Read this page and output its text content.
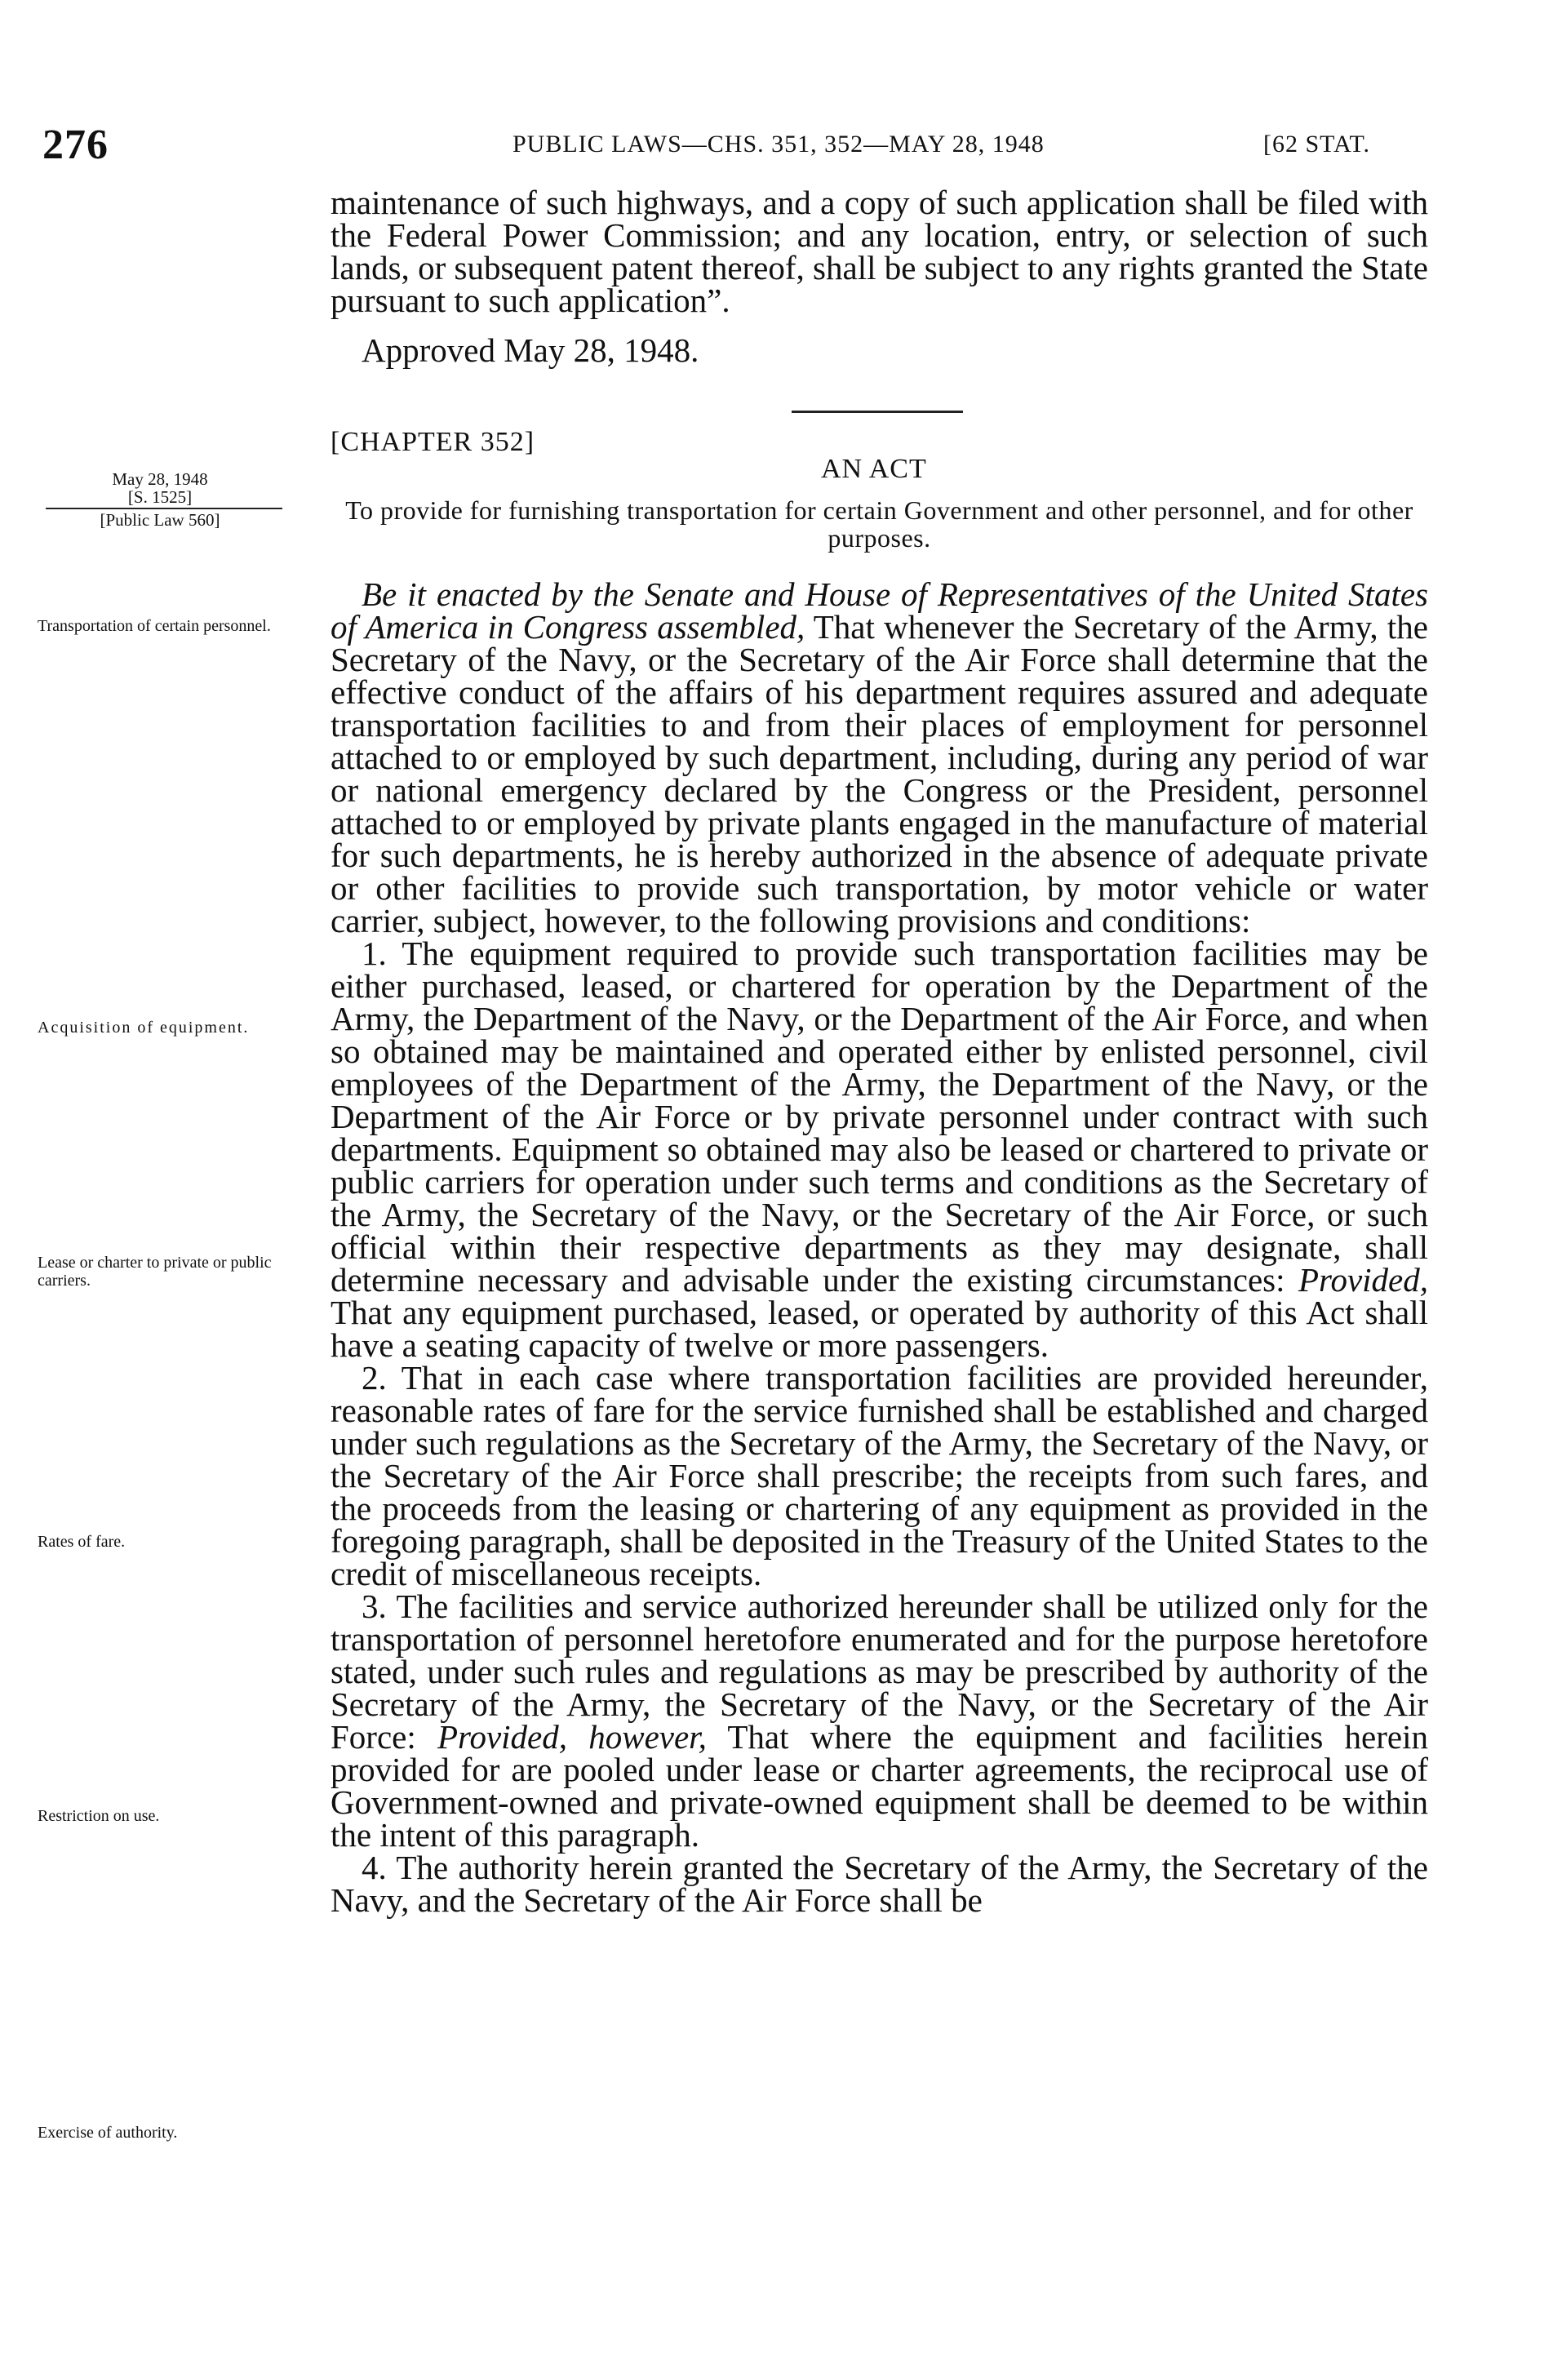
276	PUBLIC LAWS—CHS. 351, 352—MAY 28, 1948	[62 STAT.

maintenance of such highways, and a copy of such application shall be filed with the Federal Power Commission; and any location, entry, or selection of such lands, or subsequent patent thereof, shall be subject to any rights granted the State pursuant to such application”.

Approved May 28, 1948.
[CHAPTER 352]
AN ACT
To provide for furnishing transportation for certain Government and other personnel, and for other purposes.
May 28, 1948
[S. 1525]
[Public Law 560]
Transportation of certain personnel.
Acquisition of equipment.
Lease or charter to private or public carriers.
Rates of fare.
Restriction on use.
Exercise of authority.

Be it enacted by the Senate and House of Representatives of the United States of America in Congress assembled, That whenever the Secretary of the Army, the Secretary of the Navy, or the Secretary of the Air Force shall determine that the effective conduct of the affairs of his department requires assured and adequate transportation facilities to and from their places of employment for personnel attached to or employed by such department, including, during any period of war or national emergency declared by the Congress or the President, personnel attached to or employed by private plants engaged in the manufacture of material for such departments, he is hereby authorized in the absence of adequate private or other facilities to provide such transportation, by motor vehicle or water carrier, subject, however, to the following provisions and conditions:

1. The equipment required to provide such transportation facilities may be either purchased, leased, or chartered for operation by the Department of the Army, the Department of the Navy, or the Department of the Air Force, and when so obtained may be maintained and operated either by enlisted personnel, civil employees of the Department of the Army, the Department of the Navy, or the Department of the Air Force or by private personnel under contract with such departments. Equipment so obtained may also be leased or chartered to private or public carriers for operation under such terms and conditions as the Secretary of the Army, the Secretary of the Navy, or the Secretary of the Air Force, or such official within their respective departments as they may designate, shall determine necessary and advisable under the existing circumstances: Provided, That any equipment purchased, leased, or operated by authority of this Act shall have a seating capacity of twelve or more passengers.

2. That in each case where transportation facilities are provided hereunder, reasonable rates of fare for the service furnished shall be established and charged under such regulations as the Secretary of the Army, the Secretary of the Navy, or the Secretary of the Air Force shall prescribe; the receipts from such fares, and the proceeds from the leasing or chartering of any equipment as provided in the foregoing paragraph, shall be deposited in the Treasury of the United States to the credit of miscellaneous receipts.

3. The facilities and service authorized hereunder shall be utilized only for the transportation of personnel heretofore enumerated and for the purpose heretofore stated, under such rules and regulations as may be prescribed by authority of the Secretary of the Army, the Secretary of the Navy, or the Secretary of the Air Force: Provided, however, That where the equipment and facilities herein provided for are pooled under lease or charter agreements, the reciprocal use of Government-owned and private-owned equipment shall be deemed to be within the intent of this paragraph.

4. The authority herein granted the Secretary of the Army, the Secretary of the Navy, and the Secretary of the Air Force shall be
